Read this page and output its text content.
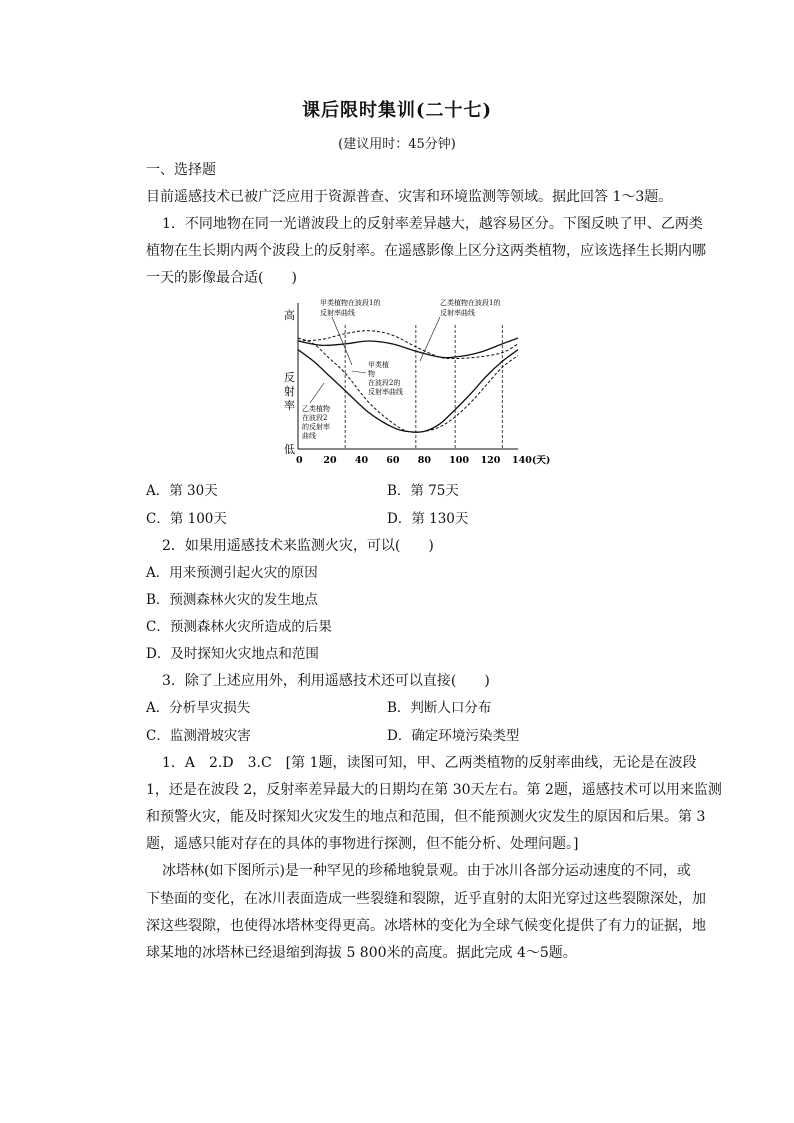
课后限时集训(二十七)
(建议用时：45分钟)
一、选择题
目前遥感技术已被广泛应用于资源普查、灾害和环境监测等领域。据此回答 1～3题。
1．不同地物在同一光谱波段上的反射率差异越大，越容易区分。下图反映了甲、乙两类
植物在生长期内两个波段上的反射率。在遥感影像上区分这两类植物，应该选择生长期内哪
一天的影像最合适(　　)
高
低
反
射
率
0 20 40 60 80 100 120 140(天)
甲类植物在波段1的
反射率曲线
乙类植物在波段1的
反射率曲线
甲类植
物
在波段2的
反射率曲线
乙类植物
在波段2
的反射率
曲线
A．第 30天	B．第 75天
C．第 100天	D．第 130天
2．如果用遥感技术来监测火灾，可以(　　)
A．用来预测引起火灾的原因
B．预测森林火灾的发生地点
C．预测森林火灾所造成的后果
D．及时探知火灾地点和范围
3．除了上述应用外，利用遥感技术还可以直接(　　)
A．分析旱灾损失	B．判断人口分布
C．监测滑坡灾害	D．确定环境污染类型
1．A　2.D　3.C　[第 1题，读图可知，甲、乙两类植物的反射率曲线，无论是在波段
1，还是在波段 2，反射率差异最大的日期均在第 30天左右。第 2题，遥感技术可以用来监测
和预警火灾，能及时探知火灾发生的地点和范围，但不能预测火灾发生的原因和后果。第 3
题，遥感只能对存在的具体的事物进行探测，但不能分析、处理问题。]
冰塔林(如下图所示)是一种罕见的珍稀地貌景观。由于冰川各部分运动速度的不同，或
下垫面的变化，在冰川表面造成一些裂缝和裂隙，近乎直射的太阳光穿过这些裂隙深处，加
深这些裂隙，也使得冰塔林变得更高。冰塔林的变化为全球气候变化提供了有力的证据，地
球某地的冰塔林已经退缩到海拔 5 800米的高度。据此完成 4～5题。
